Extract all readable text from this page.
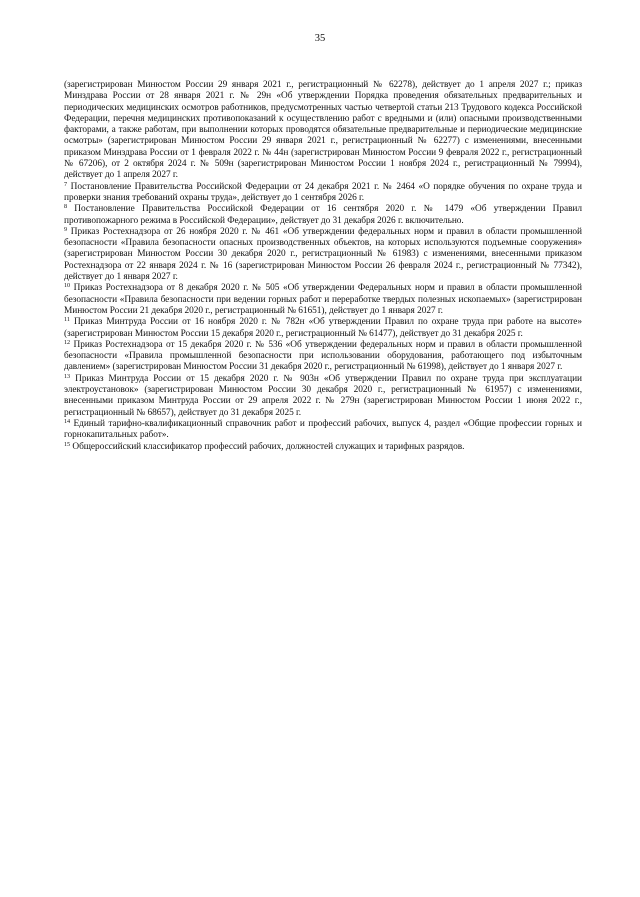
35

(зарегистрирован Минюстом России 29 января 2021 г., регистрационный № 62278), действует до 1 апреля 2027 г.; приказ Минздрава России от 28 января 2021 г. № 29н «Об утверждении Порядка проведения обязательных предварительных и периодических медицинских осмотров работников, предусмотренных частью четвертой статьи 213 Трудового кодекса Российской Федерации, перечня медицинских противопоказаний к осуществлению работ с вредными и (или) опасными производственными факторами, а также работам, при выполнении которых проводятся обязательные предварительные и периодические медицинские осмотры» (зарегистрирован Минюстом России 29 января 2021 г., регистрационный № 62277) с изменениями, внесенными приказом Минздрава России от 1 февраля 2022 г. № 44н (зарегистрирован Минюстом России 9 февраля 2022 г., регистрационный № 67206), от 2 октября 2024 г. № 509н (зарегистрирован Минюстом России 1 ноября 2024 г., регистрационный № 79994), действует до 1 апреля 2027 г.

$^7$ Постановление Правительства Российской Федерации от 24 декабря 2021 г. № 2464 «О порядке обучения по охране труда и проверки знания требований охраны труда», действует до 1 сентября 2026 г.

$^8$ Постановление Правительства Российской Федерации от 16 сентября 2020 г. № 1479 «Об утверждении Правил противопожарного режима в Российской Федерации», действует до 31 декабря 2026 г. включительно.

$^9$ Приказ Ростехнадзора от 26 ноября 2020 г. № 461 «Об утверждении федеральных норм и правил в области промышленной безопасности «Правила безопасности опасных производственных объектов, на которых используются подъемные сооружения» (зарегистрирован Минюстом России 30 декабря 2020 г., регистрационный № 61983) с изменениями, внесенными приказом Ростехнадзора от 22 января 2024 г. № 16 (зарегистрирован Минюстом России 26 февраля 2024 г., регистрационный № 77342), действует до 1 января 2027 г.

$^{10}$ Приказ Ростехнадзора от 8 декабря 2020 г. № 505 «Об утверждении Федеральных норм и правил в области промышленной безопасности «Правила безопасности при ведении горных работ и переработке твердых полезных ископаемых» (зарегистрирован Минюстом России 21 декабря 2020 г., регистрационный № 61651), действует до 1 января 2027 г.

$^{11}$ Приказ Минтруда России от 16 ноября 2020 г. № 782н «Об утверждении Правил по охране труда при работе на высоте» (зарегистрирован Минюстом России 15 декабря 2020 г., регистрационный № 61477), действует до 31 декабря 2025 г.

$^{12}$ Приказ Ростехнадзора от 15 декабря 2020 г. № 536 «Об утверждении федеральных норм и правил в области промышленной безопасности «Правила промышленной безопасности при использовании оборудования, работающего под избыточным давлением» (зарегистрирован Минюстом России 31 декабря 2020 г., регистрационный № 61998), действует до 1 января 2027 г.

$^{13}$ Приказ Минтруда России от 15 декабря 2020 г. № 903н «Об утверждении Правил по охране труда при эксплуатации электроустановок» (зарегистрирован Минюстом России 30 декабря 2020 г., регистрационный № 61957) с изменениями, внесенными приказом Минтруда России от 29 апреля 2022 г. № 279н (зарегистрирован Минюстом России 1 июня 2022 г., регистрационный № 68657), действует до 31 декабря 2025 г.

$^{14}$ Единый тарифно-квалификационный справочник работ и профессий рабочих, выпуск 4, раздел «Общие профессии горных и горнокапитальных работ».

$^{15}$ Общероссийский классификатор профессий рабочих, должностей служащих и тарифных разрядов.
